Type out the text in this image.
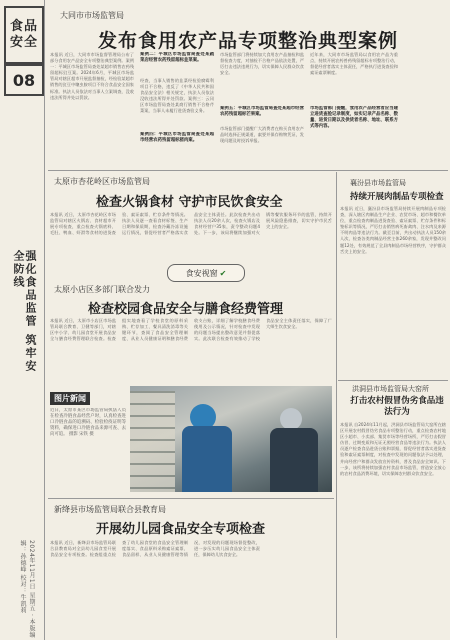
食品
安全
08
强化食品监管 筑牢安全防线
2024年11月1日 星期五 · 本版编辑：孙德峰 校对：牛凯莉
大同市市场监管局
发布食用农产品专项整治典型案例
本报讯 近日，大同市市场监督管理局公布了部分食用农产品安全专项整治典型案例。案例一：平城区市场监管局查处某超市销售农药残留超标豇豆案。2024年6月，平城区市场监管局对辖区超市开展监督抽检，经检验某超市销售的豇豆中噻虫胺项目不符合食品安全国家标准。执法人员依法对当事人立案调查，没收违法所得并处以罚款。
案例二：平城区市场监管局查处某蔬菜店经营农药残留超标韭菜案。
经查，当事人销售的韭菜经检验腐霉利项目不合格，违反了《中华人民共和国食品安全法》相关规定，执法人员依法没收违法所得并处罚款。案例三：云冈区市场监管局查处某商行销售不合格芹菜案，当事人未履行进货查验义务。
案例四：平城区市场监管局查处某超市经营农药残留超标猪肉案。
市场监管部门将持续加大食用农产品抽检和监督检查力度，对抽检不合格产品依法处置，严厉打击违法违规行为，切实保障人民群众饮食安全。
案例五：平城区市场监管局查处某超市经营农药残留超标芒果案。
市场监管部门提醒广大消费者在购买食用农产品时选择正规渠道，索要并保存购物凭证，发现问题及时投诉举报。
近年来，大同市市场监管局以食用农产品为重点，持续开展农药兽药残留超标专项整治行动，督促经营者落实主体责任，严格执行进货查验和索证索票制度。
市场监管部门提醒，食用农产品经营者应当建立进货查验记录制度，如实记录产品名称、数量、进货日期以及供货者名称、地址、联系方式等内容。
太原市杏花岭区市场监管局
检查火锅食材 守护市民饮食安全
本报讯 近日，太原市杏花岭区市场监管局对辖区火锅店、食材超市开展专项检查，重点检查火锅底料、毛肚、鸭血、虾滑等食材的进货查验、索证索票、贮存条件等情况。执法人员逐一查看食材标签、生产日期和保质期，检查冷藏冷冻设施运行情况，督促经营者严格落实食品安全主体责任。此次检查共出动执法人员20余人次，检查火锅店及食材经营户35家，责令整改问题4处。下一步，该局将继续加强对火锅等餐饮服务环节的监管，持续开展风险隐患排查，切实守护市民舌尖上的安全。
食安视窗 ✔
太原小店区多部门联合发力
检查校园食品安全与膳食经费管理
本报讯 近日，太原市小店区市场监管局联合教育、卫健等部门，对辖区中小学、幼儿园食堂开展食品安全与膳食经费管理联合检查。检查组实地查看了学校食堂的原料采购、贮存加工、餐具清洗消毒等关键环节，查阅了食品安全管理制度、从业人员健康证明和膳食经费收支台账，详细了解学校膳食经费使用及公示情况，针对检查中发现的问题当场提出整改意见并督促落实。此次联合检查有效推动了学校食品安全主体责任落实，保障了广大师生饮食安全。
图片新闻
近日，太原市某区市场监管局执法人员在检查冷链食品经营户时，认真检查进口冷链食品的追溯码、检验检疫证明等资料，确保进口冷链食品来源可查、去向可追。 摄影 宋铁 摄
新绛县市场监管局联合县教育局
开展幼儿园食品安全专项检查
本报讯 近日，新绛县市场监管局联合县教育局对全县幼儿园食堂开展食品安全专项检查。检查组重点检查了幼儿园食堂的食品安全管理制度落实、食品原料采购索证索票、食品留样、从业人员健康管理等情况，对发现的问题现场督促整改，进一步压实幼儿园食品安全主体责任，保障幼儿饮食安全。
襄汾县市场监管局
持续开展肉制品专项检查
本报讯 近日，襄汾县市场监管局持续开展肉制品专项检查，深入辖区肉制品生产企业、农贸市场、超市和餐饮单位，重点检查肉制品进货查验、索证索票、贮存条件和标签标识等情况，严厉打击销售病死畜禽肉、注水肉及来源不明肉品等违法行为。截至目前，共出动执法人员150余人次，检查各类肉制品经营主体260余家，发现并整改问题12处，有效规范了全县肉制品市场经营秩序，守护群众舌尖上的安全。
洪洞县市场监管局大窑所
打击农村假冒伪劣食品违法行为
本报讯 自2024年11月起，洪洞县市场监管局大窑所在辖区开展农村假冒伪劣食品专项整治行动，重点检查农村地区小超市、小卖部、集贸市场等经营场所，严厉打击假冒仿冒、过期变质和无证无照经营食品等违法行为。执法人员逐户检查食品进货台账和票据，督促经营者落实进货查验和索证索票制度，对检查中发现的问题依法予以处理，并向经营户和群众发放宣传资料，普及食品安全知识。下一步，该所将持续加强农村食品市场监管，营造安全放心的农村食品消费环境，切实保障农村群众饮食安全。
